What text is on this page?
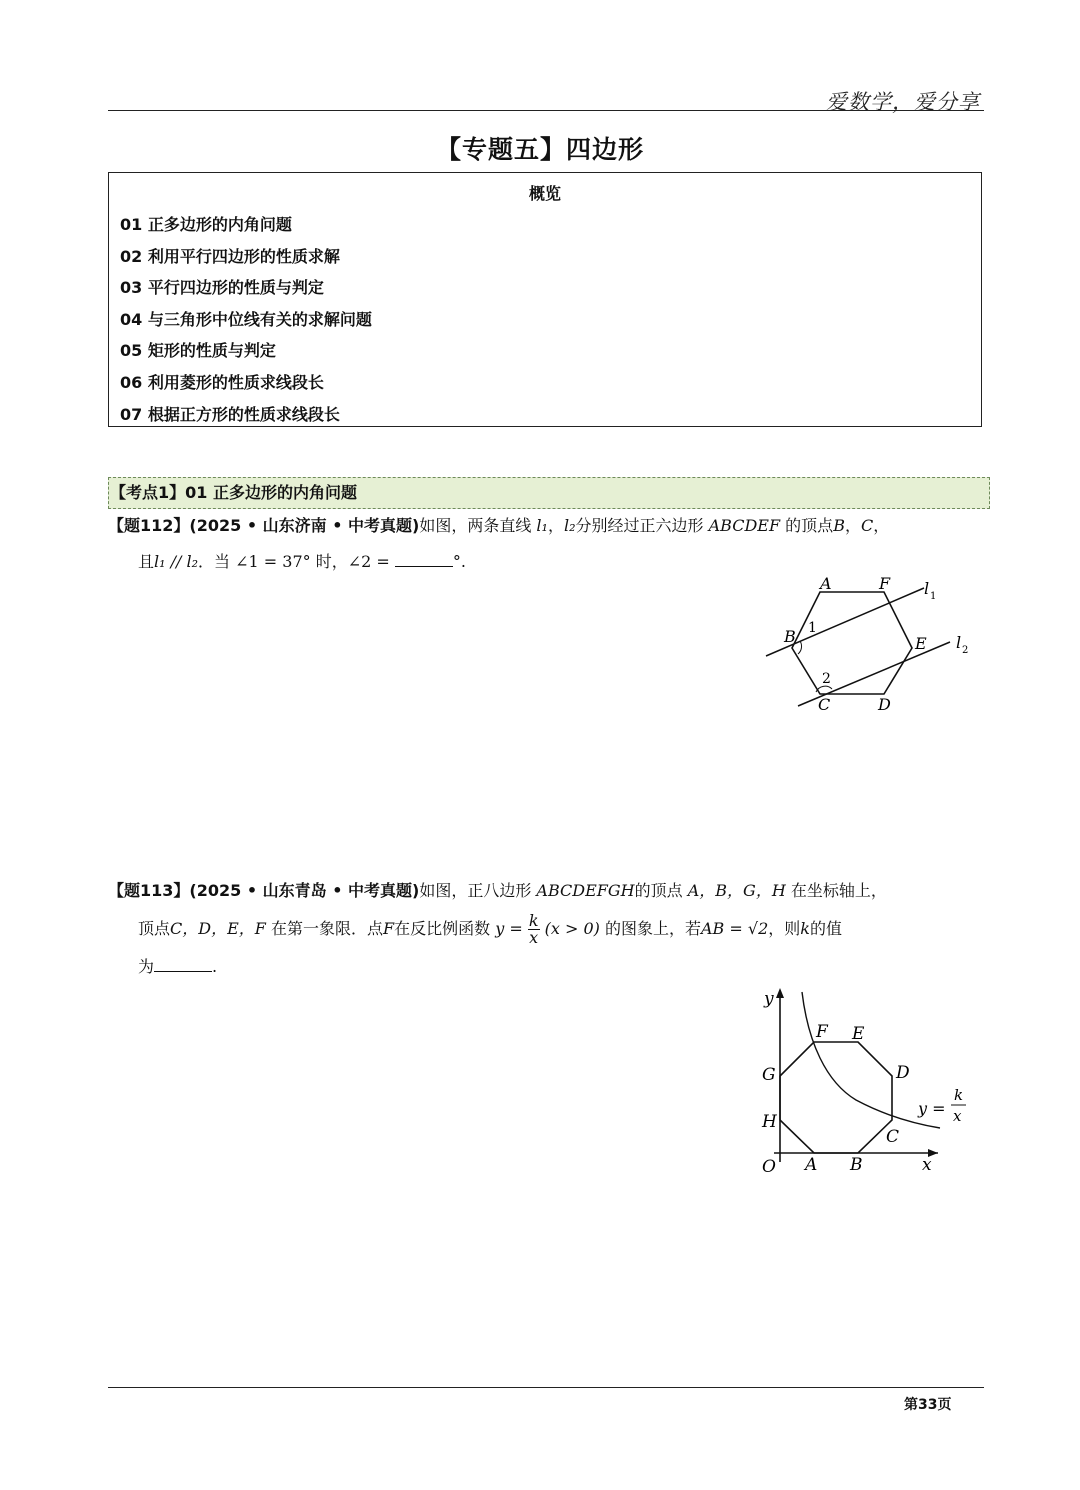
爱数学，爱分享
【专题五】四边形
概览
01 正多边形的内角问题
02 利用平行四边形的性质求解
03 平行四边形的性质与判定
04 与三角形中位线有关的求解问题
05 矩形的性质与判定
06 利用菱形的性质求线段长
07 根据正方形的性质求线段长
【考点1】01 正多边形的内角问题
【题112】(2025 • 山东济南 • 中考真题)如图，两条直线 l₁，l₂分别经过正六边形 ABCDEF 的顶点B，C，
且l₁ // l₂．当 ∠1 = 37° 时，∠2 =	°.
A	F l 1
B 1
E l 2
2
C	D
【题113】(2025 • 山东青岛 • 中考真题)如图，正八边形 ABCDEFGH的顶点 A，B，G，H 在坐标轴上，
顶点C，D，E，F 在第一象限．点F在反比例函数 $y = \frac{k}{x} (x > 0)$ 的图象上，若AB = √2，则k的值
为	.
y
x
O A B
C
D
E
F
G
H
y =
k
x
第33页
